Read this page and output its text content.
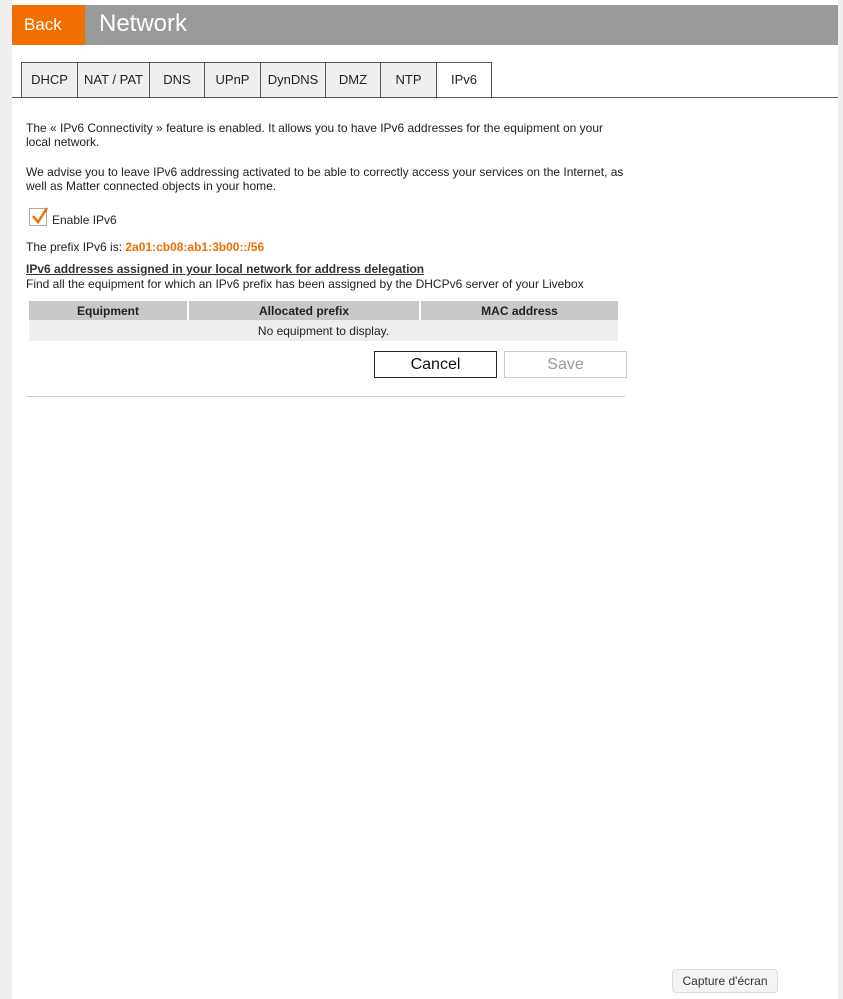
Back	Network
DHCP	NAT / PAT	DNS	UPnP	DynDNS	DMZ	NTP	IPv6
The « IPv6 Connectivity » feature is enabled. It allows you to have IPv6 addresses for the equipment on your local network.
We advise you to leave IPv6 addressing activated to be able to correctly access your services on the Internet, as well as Matter connected objects in your home.
Enable IPv6
The prefix IPv6 is: 2a01:cb08:ab1:3b00::/56
IPv6 addresses assigned in your local network for address delegation
Find all the equipment for which an IPv6 prefix has been assigned by the DHCPv6 server of your Livebox
Equipment	Allocated prefix	MAC address
No equipment to display.
Cancel	Save
Capture d'écran
